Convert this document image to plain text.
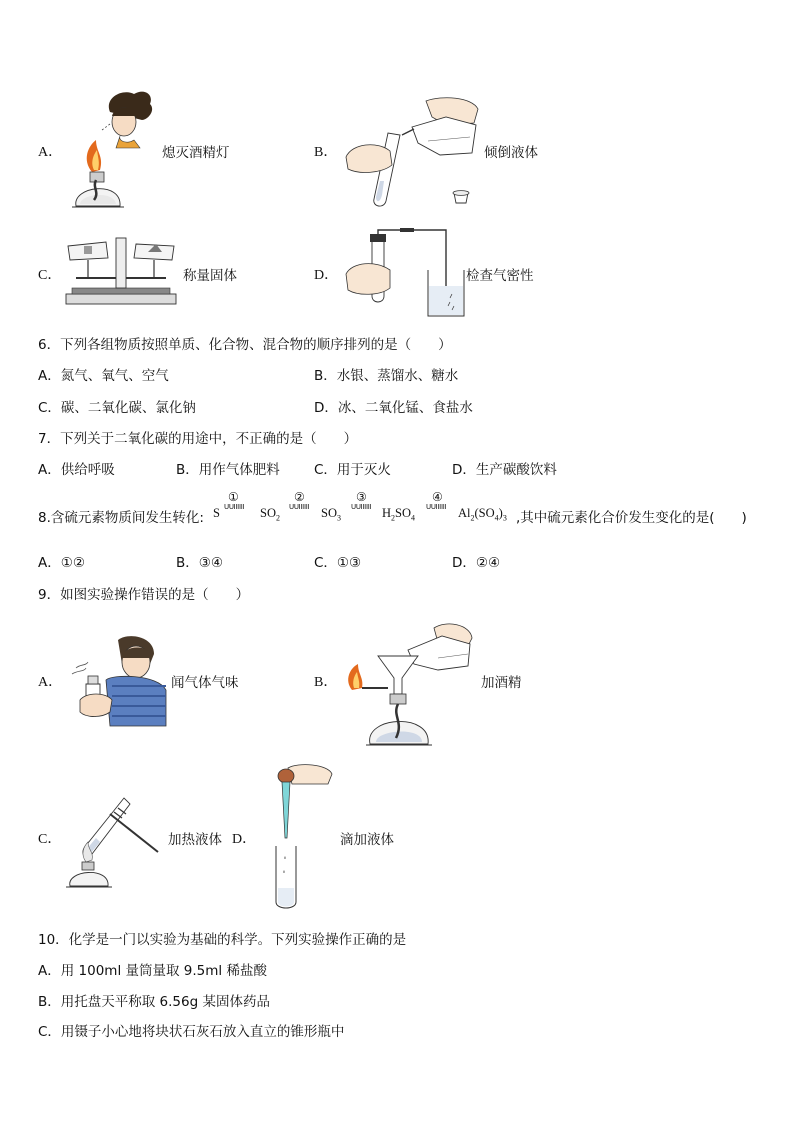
A．	熄灭酒精灯	B．	倾倒液体
C．	称量固体	D．	检查气密性
6．下列各组物质按照单质、化合物、混合物的顺序排列的是（　　）
A．氮气、氧气、空气	B．水银、蒸馏水、糖水
C．碳、二氧化碳、氯化钠	D．冰、二氧化锰、食盐水
7．下列关于二氧化碳的用途中，不正确的是（　　）
A．供给呼吸	B．用作气体肥料	C．用于灭火	D．生产碳酸饮料
8.含硫元素物质间发生转化: S
①
UUIIIIII $SO_2$
②
UUIIIIII $SO_3$
③
UUIIIIII $H_2SO_4$
④
UUIIIIII $Al_2(SO_4)_3$ ,其中硫元素化合价发生变化的是(　　)
A．①②	B．③④	C．①③	D．②④
9．如图实验操作错误的是（　　）
A．	闻气体气味	B．	加酒精
C．	加热液体 D．	滴加液体
10．化学是一门以实验为基础的科学。下列实验操作正确的是
A．用 100ml 量筒量取 9.5ml 稀盐酸
B．用托盘天平称取 6.56g 某固体药品
C．用镊子小心地将块状石灰石放入直立的锥形瓶中
